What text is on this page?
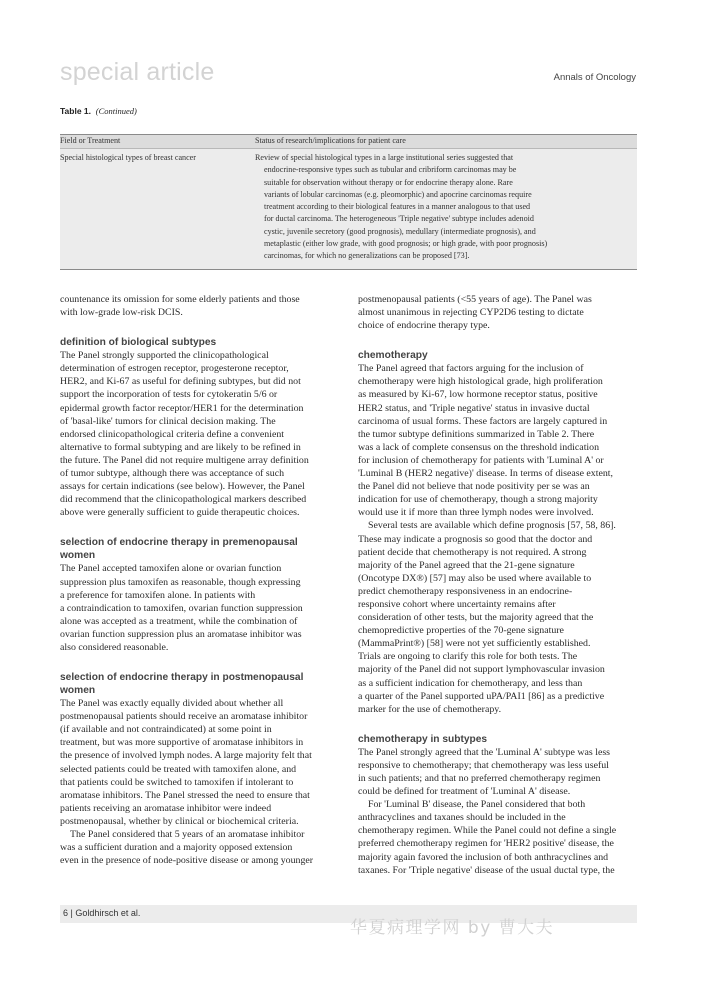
special article	Annals of Oncology
Table 1. (Continued)
Field or Treatment	Status of research/implications for patient care
Special histological types of breast cancer	Review of special histological types in a large institutional series suggested that
endocrine-responsive types such as tubular and cribriform carcinomas may be
suitable for observation without therapy or for endocrine therapy alone. Rare
variants of lobular carcinomas (e.g. pleomorphic) and apocrine carcinomas require
treatment according to their biological features in a manner analogous to that used
for ductal carcinoma. The heterogeneous 'Triple negative' subtype includes adenoid
cystic, juvenile secretory (good prognosis), medullary (intermediate prognosis), and
metaplastic (either low grade, with good prognosis; or high grade, with poor prognosis)
carcinomas, for which no generalizations can be proposed [73].

countenance its omission for some elderly patients and those

with low-grade low-risk DCIS.

definition of biological subtypes

The Panel strongly supported the clinicopathological

determination of estrogen receptor, progesterone receptor,

HER2, and Ki-67 as useful for defining subtypes, but did not

support the incorporation of tests for cytokeratin 5/6 or

epidermal growth factor receptor/HER1 for the determination

of 'basal-like' tumors for clinical decision making. The

endorsed clinicopathological criteria define a convenient

alternative to formal subtyping and are likely to be refined in

the future. The Panel did not require multigene array definition

of tumor subtype, although there was acceptance of such

assays for certain indications (see below). However, the Panel

did recommend that the clinicopathological markers described

above were generally sufficient to guide therapeutic choices.

selection of endocrine therapy in premenopausal
women

The Panel accepted tamoxifen alone or ovarian function

suppression plus tamoxifen as reasonable, though expressing

a preference for tamoxifen alone. In patients with

a contraindication to tamoxifen, ovarian function suppression

alone was accepted as a treatment, while the combination of

ovarian function suppression plus an aromatase inhibitor was

also considered reasonable.

selection of endocrine therapy in postmenopausal
women

The Panel was exactly equally divided about whether all

postmenopausal patients should receive an aromatase inhibitor

(if available and not contraindicated) at some point in

treatment, but was more supportive of aromatase inhibitors in

the presence of involved lymph nodes. A large majority felt that

selected patients could be treated with tamoxifen alone, and

that patients could be switched to tamoxifen if intolerant to

aromatase inhibitors. The Panel stressed the need to ensure that

patients receiving an aromatase inhibitor were indeed

postmenopausal, whether by clinical or biochemical criteria.

The Panel considered that 5 years of an aromatase inhibitor

was a sufficient duration and a majority opposed extension

even in the presence of node-positive disease or among younger

postmenopausal patients (<55 years of age). The Panel was

almost unanimous in rejecting CYP2D6 testing to dictate

choice of endocrine therapy type.

chemotherapy

The Panel agreed that factors arguing for the inclusion of

chemotherapy were high histological grade, high proliferation

as measured by Ki-67, low hormone receptor status, positive

HER2 status, and 'Triple negative' status in invasive ductal

carcinoma of usual forms. These factors are largely captured in

the tumor subtype definitions summarized in Table 2. There

was a lack of complete consensus on the threshold indication

for inclusion of chemotherapy for patients with 'Luminal A' or

'Luminal B (HER2 negative)' disease. In terms of disease extent,

the Panel did not believe that node positivity per se was an

indication for use of chemotherapy, though a strong majority

would use it if more than three lymph nodes were involved.

Several tests are available which define prognosis [57, 58, 86].

These may indicate a prognosis so good that the doctor and

patient decide that chemotherapy is not required. A strong

majority of the Panel agreed that the 21-gene signature

(Oncotype DX®) [57] may also be used where available to

predict chemotherapy responsiveness in an endocrine-

responsive cohort where uncertainty remains after

consideration of other tests, but the majority agreed that the

chemopredictive properties of the 70-gene signature

(MammaPrint®) [58] were not yet sufficiently established.

Trials are ongoing to clarify this role for both tests. The

majority of the Panel did not support lymphovascular invasion

as a sufficient indication for chemotherapy, and less than

a quarter of the Panel supported uPA/PAI1 [86] as a predictive

marker for the use of chemotherapy.

chemotherapy in subtypes

The Panel strongly agreed that the 'Luminal A' subtype was less

responsive to chemotherapy; that chemotherapy was less useful

in such patients; and that no preferred chemotherapy regimen

could be defined for treatment of 'Luminal A' disease.

For 'Luminal B' disease, the Panel considered that both

anthracyclines and taxanes should be included in the

chemotherapy regimen. While the Panel could not define a single

preferred chemotherapy regimen for 'HER2 positive' disease, the

majority again favored the inclusion of both anthracyclines and

taxanes. For 'Triple negative' disease of the usual ductal type, the

6 | Goldhirsch et al.
华夏病理学网 by 曹大夫
